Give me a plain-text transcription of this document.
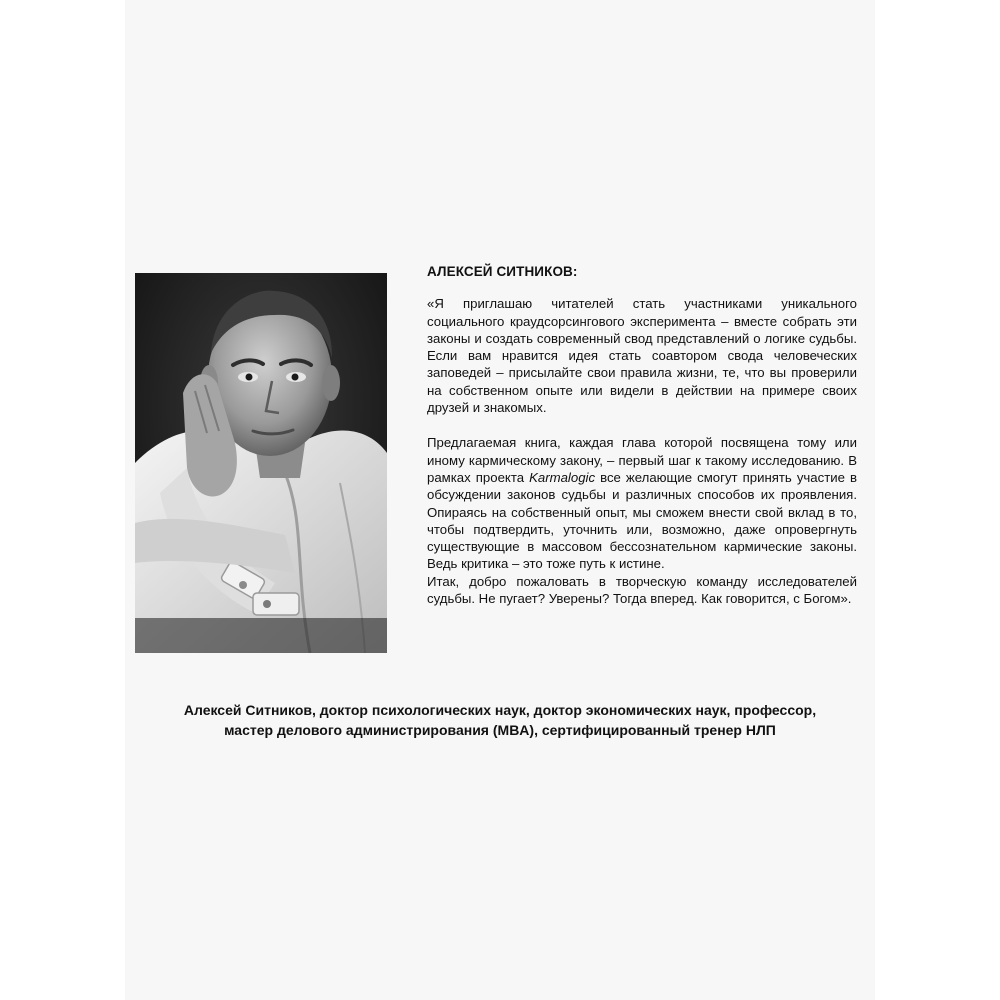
АЛЕКСЕЙ СИТНИКОВ:

«Я приглашаю читателей стать участниками уникального социального краудсорсингового эксперимента – вместе собрать эти законы и создать современный свод представлений о логике судьбы. Если вам нравится идея стать соавтором свода человеческих заповедей – присылайте свои правила жизни, те, что вы проверили на собственном опыте или видели в действии на примере своих друзей и знакомых.

Предлагаемая книга, каждая глава которой посвящена тому или иному кармическому закону, – первый шаг к такому исследованию. В рамках проекта Karmalogic все желающие смогут принять участие в обсуждении законов судьбы и различных способов их проявления. Опираясь на собственный опыт, мы сможем внести свой вклад в то, чтобы подтвердить, уточнить или, возможно, даже опровергнуть существующие в массовом бессознательном кармические законы. Ведь критика – это тоже путь к истине.

Итак, добро пожаловать в творческую команду исследователей судьбы. Не пугает? Уверены? Тогда вперед. Как говорится, с Богом».

Алексей Ситников, доктор психологических наук, доктор экономических наук, профессор,
мастер делового администрирования (MBA), сертифицированный тренер НЛП
